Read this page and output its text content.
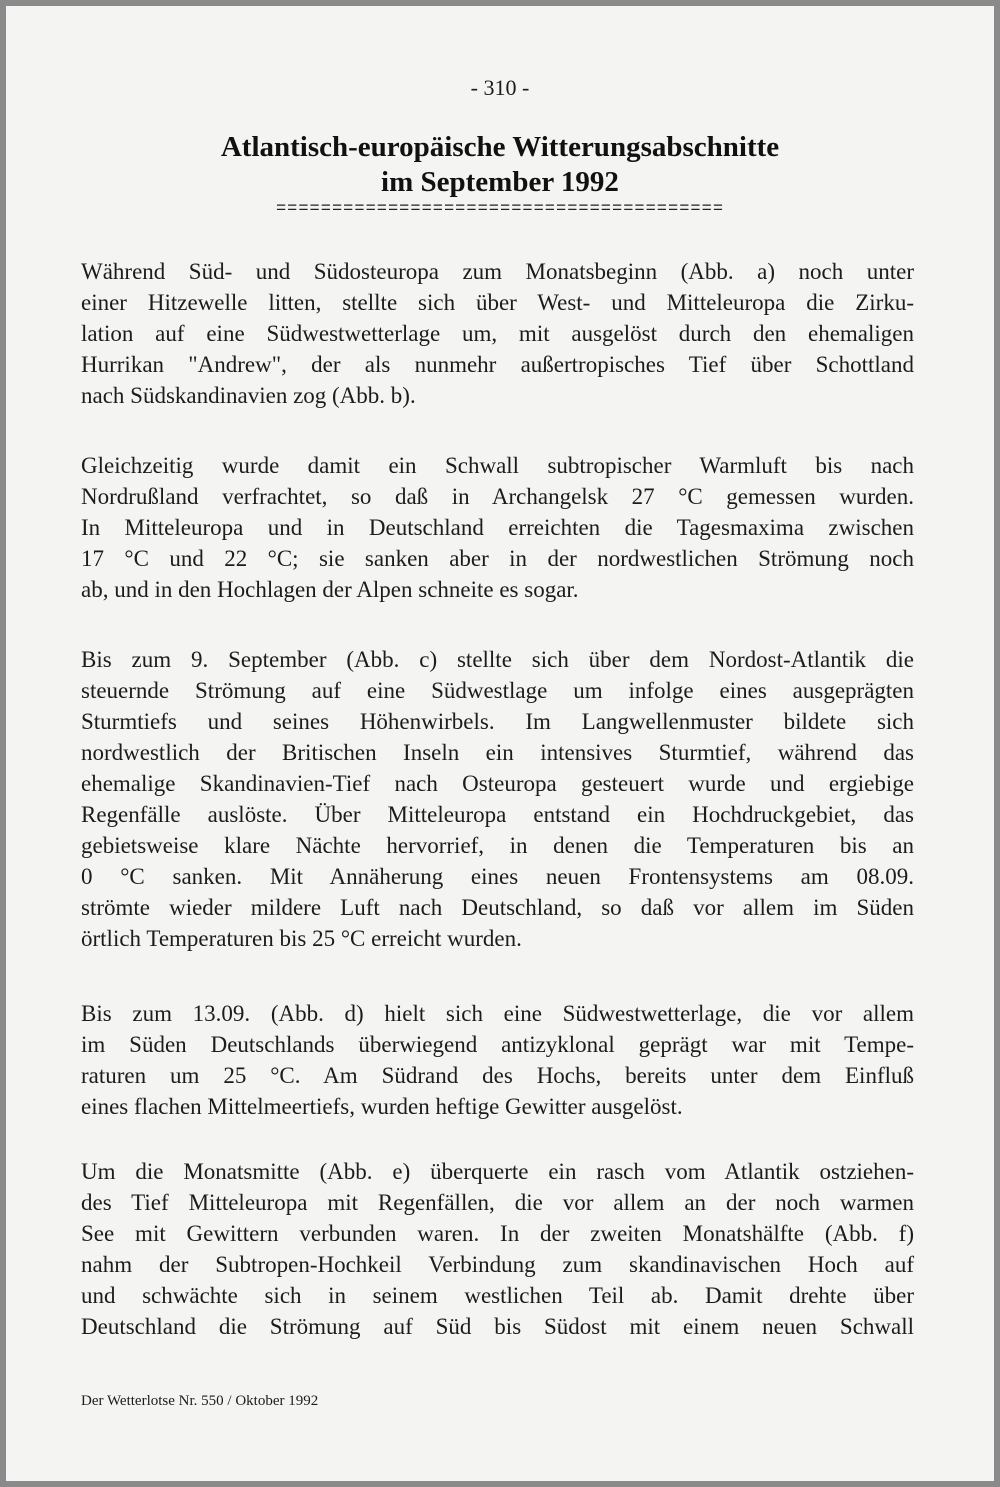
- 310 -
Atlantisch-europäische Witterungsabschnitte
im September 1992
========================================
Während Süd- und Südosteuropa zum Monatsbeginn (Abb. a) noch unter
einer Hitzewelle litten, stellte sich über West- und Mitteleuropa die Zirku-
lation auf eine Südwestwetterlage um, mit ausgelöst durch den ehemaligen
Hurrikan "Andrew", der als nunmehr außertropisches Tief über Schottland
nach Südskandinavien zog (Abb. b).
Gleichzeitig wurde damit ein Schwall subtropischer Warmluft bis nach
Nordrußland verfrachtet, so daß in Archangelsk 27 °C gemessen wurden.
In Mitteleuropa und in Deutschland erreichten die Tagesmaxima zwischen
17 °C und 22 °C; sie sanken aber in der nordwestlichen Strömung noch
ab, und in den Hochlagen der Alpen schneite es sogar.
Bis zum 9. September (Abb. c) stellte sich über dem Nordost-Atlantik die
steuernde Strömung auf eine Südwestlage um infolge eines ausgeprägten
Sturmtiefs und seines Höhenwirbels. Im Langwellenmuster bildete sich
nordwestlich der Britischen Inseln ein intensives Sturmtief, während das
ehemalige Skandinavien-Tief nach Osteuropa gesteuert wurde und ergiebige
Regenfälle auslöste. Über Mitteleuropa entstand ein Hochdruckgebiet, das
gebietsweise klare Nächte hervorrief, in denen die Temperaturen bis an
0 °C sanken. Mit Annäherung eines neuen Frontensystems am 08.09.
strömte wieder mildere Luft nach Deutschland, so daß vor allem im Süden
örtlich Temperaturen bis 25 °C erreicht wurden.
Bis zum 13.09. (Abb. d) hielt sich eine Südwestwetterlage, die vor allem
im Süden Deutschlands überwiegend antizyklonal geprägt war mit Tempe-
raturen um 25 °C. Am Südrand des Hochs, bereits unter dem Einfluß
eines flachen Mittelmeertiefs, wurden heftige Gewitter ausgelöst.
Um die Monatsmitte (Abb. e) überquerte ein rasch vom Atlantik ostziehen-
des Tief Mitteleuropa mit Regenfällen, die vor allem an der noch warmen
See mit Gewittern verbunden waren. In der zweiten Monatshälfte (Abb. f)
nahm der Subtropen-Hochkeil Verbindung zum skandinavischen Hoch auf
und schwächte sich in seinem westlichen Teil ab. Damit drehte über
Deutschland die Strömung auf Süd bis Südost mit einem neuen Schwall
Der Wetterlotse Nr. 550 / Oktober 1992
